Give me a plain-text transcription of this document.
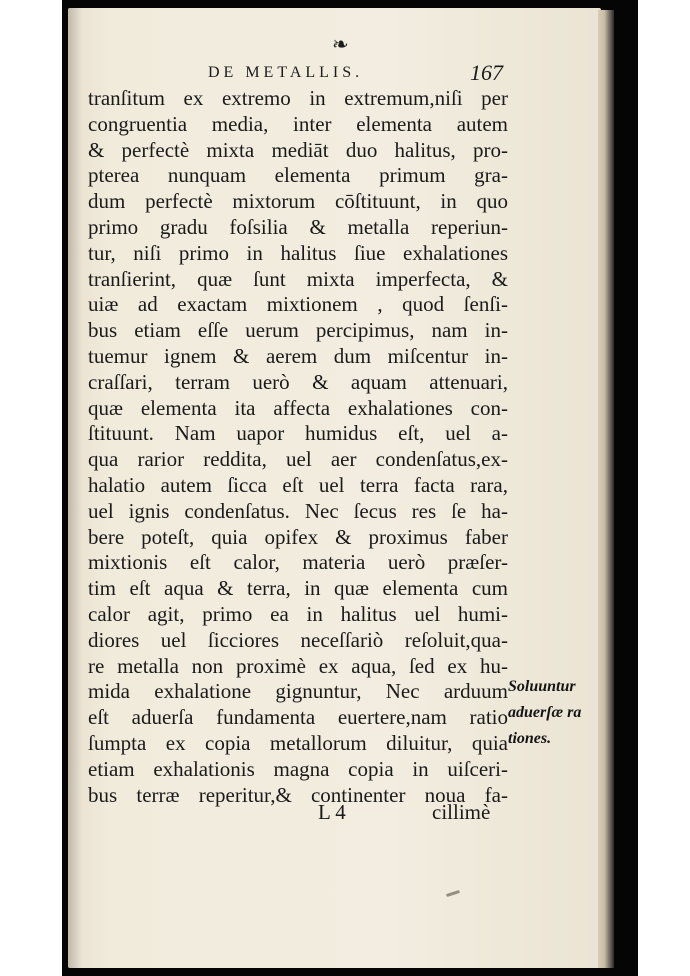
❧
DE METALLIS.	167
tranſitum ex extremo in extremum,niſi per
congruentia media, inter elementa autem
& perfectè mixta mediāt duo halitus, pro-
pterea nunquam elementa primum gra-
dum perfectè mixtorum cōſtituunt, in quo
primo gradu foſsilia & metalla reperiun-
tur, niſi primo in halitus ſiue exhalationes
tranſierint, quæ ſunt mixta imperfecta, &
uiæ ad exactam mixtionem , quod ſenſi-
bus etiam eſſe uerum percipimus, nam in-
tuemur ignem & aerem dum miſcentur in-
craſſari, terram uerò & aquam attenuari,
quæ elementa ita affecta exhalationes con-
ſtituunt. Nam uapor humidus eſt, uel a-
qua rarior reddita, uel aer condenſatus,ex-
halatio autem ſicca eſt uel terra facta rara,
uel ignis condenſatus. Nec ſecus res ſe ha-
bere poteſt, quia opifex & proximus faber
mixtionis eſt calor, materia uerò præſer-
tim eſt aqua & terra, in quæ elementa cum
calor agit, primo ea in halitus uel humi-
diores uel ſicciores neceſſariò reſoluit,qua-
re metalla non proximè ex aqua, ſed ex hu-
mida exhalatione gignuntur, Nec arduum
eſt aduerſa fundamenta euertere,nam ratio
ſumpta ex copia metallorum diluitur, quia
etiam exhalationis magna copia in uiſceri-
bus terræ reperitur,& continenter noua fa-
Soluuntur
aduerſæ ra
tiones.
L 4	cillimè
